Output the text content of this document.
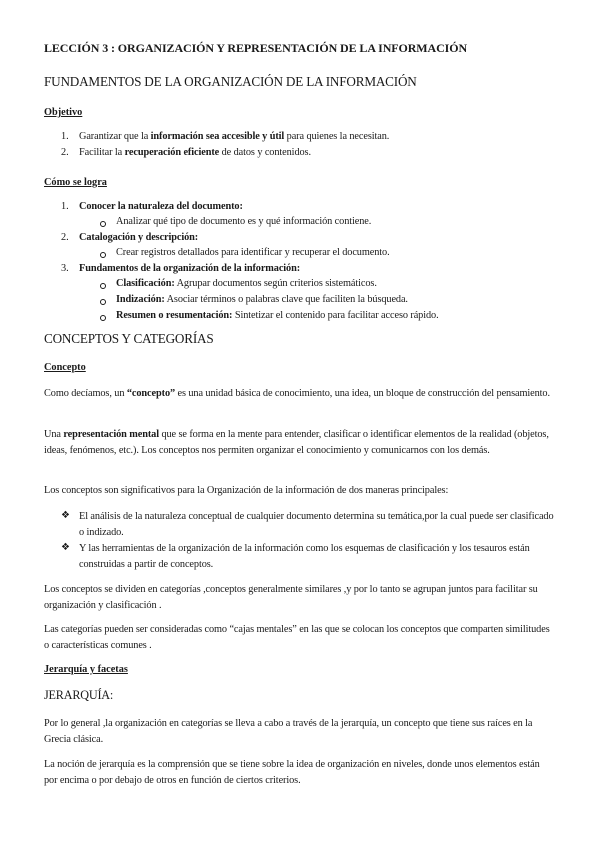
LECCIÓN 3 : ORGANIZACIÓN Y REPRESENTACIÓN DE LA INFORMACIÓN
FUNDAMENTOS DE LA ORGANIZACIÓN DE LA INFORMACIÓN
Objetivo
1. Garantizar que la información sea accesible y útil para quienes la necesitan.
2. Facilitar la recuperación eficiente de datos y contenidos.
Cómo se logra
1. Conocer la naturaleza del documento:
Analizar qué tipo de documento es y qué información contiene.
2. Catalogación y descripción:
Crear registros detallados para identificar y recuperar el documento.
3. Fundamentos de la organización de la información:
Clasificación: Agrupar documentos según criterios sistemáticos.
Indización: Asociar términos o palabras clave que faciliten la búsqueda.
Resumen o resumentación: Sintetizar el contenido para facilitar acceso rápido.
CONCEPTOS Y CATEGORÍAS
Concepto

Como decíamos, un “concepto” es una unidad básica de conocimiento, una idea, un bloque de construcción del pensamiento.

Una representación mental que se forma en la mente para entender, clasificar o identificar elementos de la realidad (objetos, ideas, fenómenos, etc.). Los conceptos nos permiten organizar el conocimiento y comunicarnos con los demás.

Los conceptos son significativos para la Organización de la información de dos maneras principales:

❖ El análisis de la naturaleza conceptual de cualquier documento determina su temática,por la cual puede ser clasificado o indizado.

❖ Y las herramientas de la organización de la información como los esquemas de clasificación y los tesauros están construidas a partir de conceptos.

Los conceptos se dividen en categorías ,conceptos generalmente similares ,y por lo tanto se agrupan juntos para facilitar su organización y clasificación .

Las categorías pueden ser consideradas como “cajas mentales” en las que se colocan los conceptos que comparten similitudes o características comunes .

Jerarquía y facetas
JERARQUÍA:

Por lo general ,la organización en categorías se lleva a cabo a través de la jerarquía, un concepto que tiene sus raíces en la Grecia clásica.

La noción de jerarquía es la comprensión que se tiene sobre la idea de organización en niveles, donde unos elementos están por encima o por debajo de otros en función de ciertos criterios.
